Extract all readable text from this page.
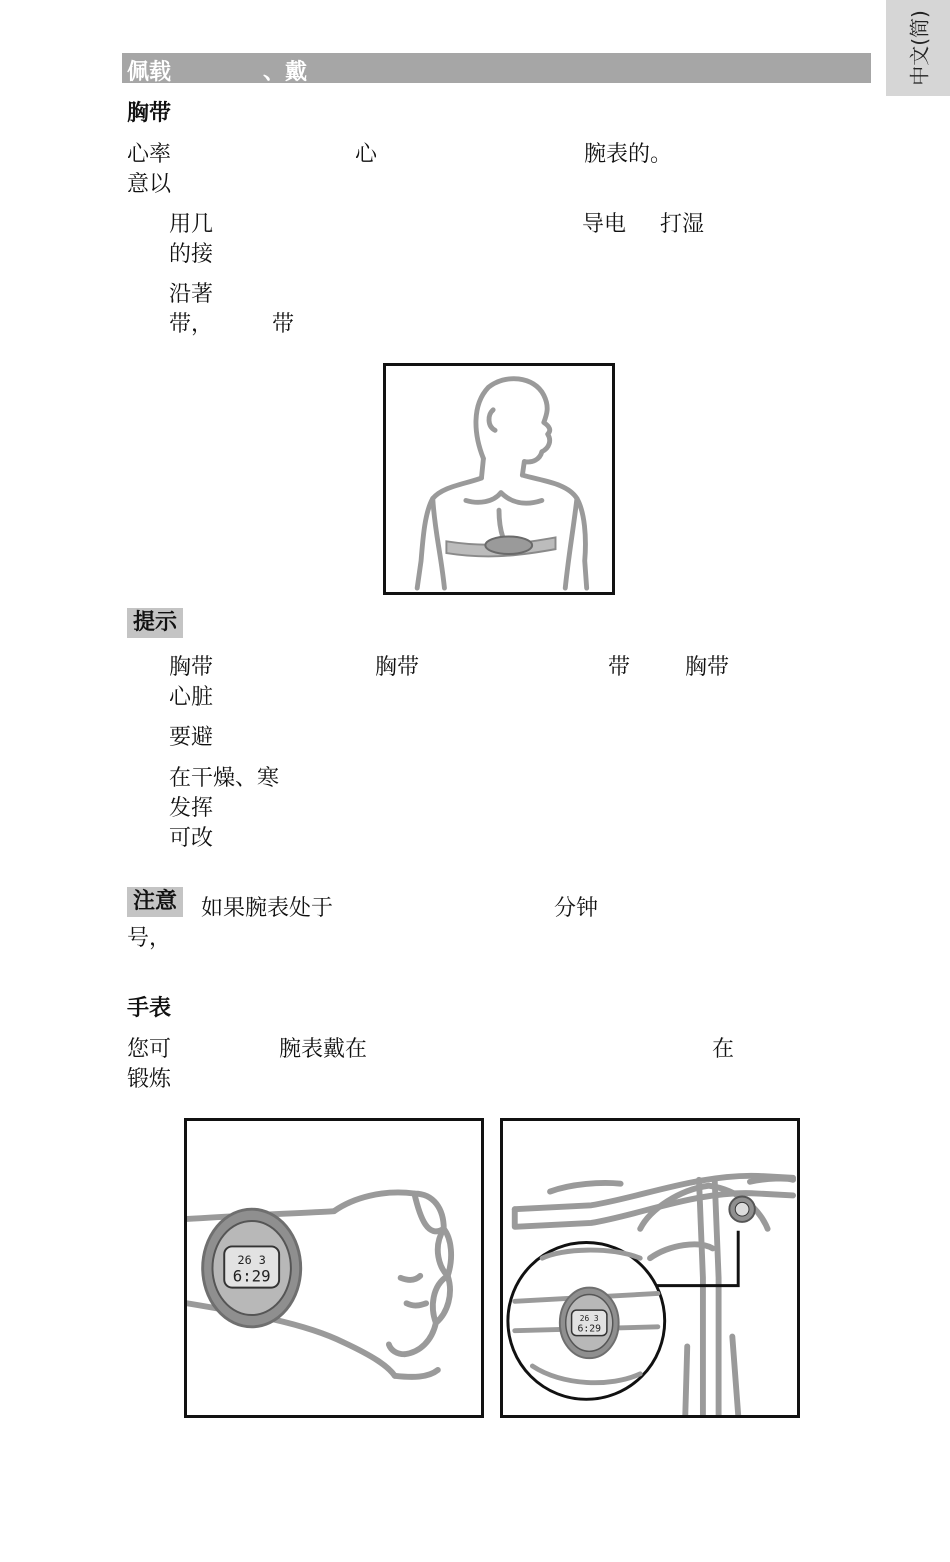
中文(简)
佩载	、戴
胸带
心率	心	腕表的。
意以
用几	导电 打湿
的接
沿著
带，	带
提示
胸带	胸带	带 胸带
心脏
要避
在干燥、寒
发挥
可改
注意 如果腕表处于	分钟
号，
手表
您可	腕表戴在	在
锻炼
26 3
6:29
26 3
6:29
